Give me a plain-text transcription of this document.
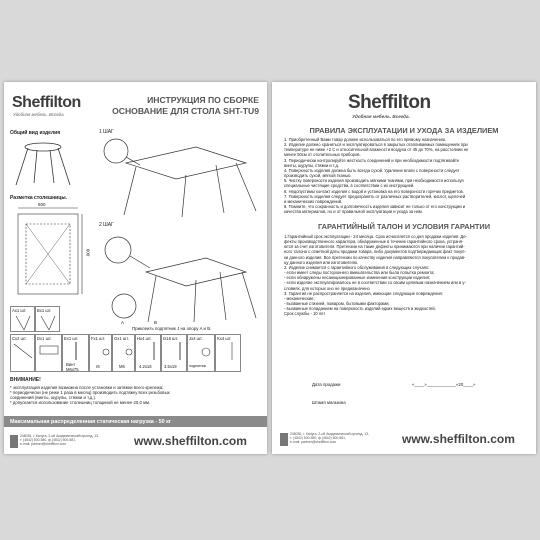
Sheffilton
Удобная мебель. Всегда.
ИНСТРУКЦИЯ ПО СБОРКЕ
ОСНОВАНИЕ ДЛЯ СТОЛА SHT-TU9
Общий вид изделия	1 ШАГ
Разметка столешницы.
600
600
2 ШАГ
A	B
Приклеить подпятник J на опору A и B.
Ax1 шт.	Bx1 шт.
Cx2 шт. Dx1 шт.	Ex1 шт.
Винт M6x75
Fx1 шт.
r6
Gx1 шт.
M6
Hx4 шт.
4.2x16
Ix16 шт.
3.5x19
Jx4 шт.
подпятник
Kx4 шт.
ВНИМАНИЕ!
* эксплуатация изделия возможна после установки и затяжки всего крепежа;
* периодически (не реже 1 раза в месяц) производить подтяжку всех резьбовых
соединений (винты, шурупы, стяжки и т.д.).
* допускается использование столешниц толщиной не менее 20,0 мм.
Максимальная распределенная статическая нагрузка - 50 кг
248035, г. Калуга, 2-ой Академический проезд, 13,
т. (4842) 500-580, ф.(4842) 500-581,
e-mail: partner@sheffilton.com	www.sheffilton.com
Sheffilton
Удобная мебель. Всегда.
ПРАВИЛА ЭКСПЛУАТАЦИИ И УХОДА ЗА ИЗДЕЛИЕМ

1. Приобретенный Вами товар должен использоваться по его прямому назначению.

2. Изделие должно храниться и эксплуатироваться в закрытых отапливаемых помещениях при

температуре не ниже +2 С и относительной влажности воздуха от 45 до 70%, на расстоянии не

менее 50см от отопительных приборов.

3. Периодически контролируйте жесткость соединений и при необходимости подтягивайте

винты, шурупы, стяжки и т.д.

4. Поверхность изделия должна быть всегда сухой. Удаление влаги с поверхности следует

производить сухой, мягкой тканью.

5. Чистку поверхности изделия производить мягкими тканями, при необходимости используя

специальные чистящие средства, в соответствии с их инструкцией.

6. Недопустимы контакт изделия с водой и установка на его поверхности горячих предметов.

7. Поверхность изделия следует предохранять от различных растворителей, кислот, щелочей

и механических повреждений.

8. Помните, что сохранность и долговечность изделия зависит не только от его конструкции и

качества материалов, но и от правильной эксплуатации и ухода за ним.

ГАРАНТИЙНЫЙ ТАЛОН И УСЛОВИЯ ГАРАНТИИ

1.Гарантийный срок эксплуатации - 24 месяца. Срок исчисляется со дня продажи изделия. Де-

фекты производственного характера, обнаруженные в течение гарантийного срока, устраня-

ются за счет изготовителя. Претензии на такие дефекты принимаются при наличии гарантий-

ного талона с отметкой даты продажи товара, либо документов подтверждающих факт покуп-

ки данного изделия. Все претензии по качеству изделия направляются покупателем к продав-

цу данного изделия или изготовителю.

2. Изделие снимается с гарантийного обслуживания в следующих случаях:

- если имеет следы постороннего вмешательства или была попытка ремонта;

- если обнаружены несанкционированные изменения конструкции изделия;

- если изделие эксплуатировалось не в соответствии со своим целевым назначением или в у-

словиях, для которых оно не предназначено

3. Гарантия не распространяется на изделия, имеющие следующие повреждения:

- механические;

- вызванные стихией, пожаром, бытовыми факторами;

- вызванные попаданием на поверхность изделий едких веществ и жидкостей.

Срок службы - 10 лет

Дата продажи	«____»____________«20____»
Штамп магазина
248035, г. Калуга, 2-ой Академический проезд, 13,
т. (4842) 500-580, ф.(4842) 500-581,
e-mail: partner@sheffilton.com	www.sheffilton.com
